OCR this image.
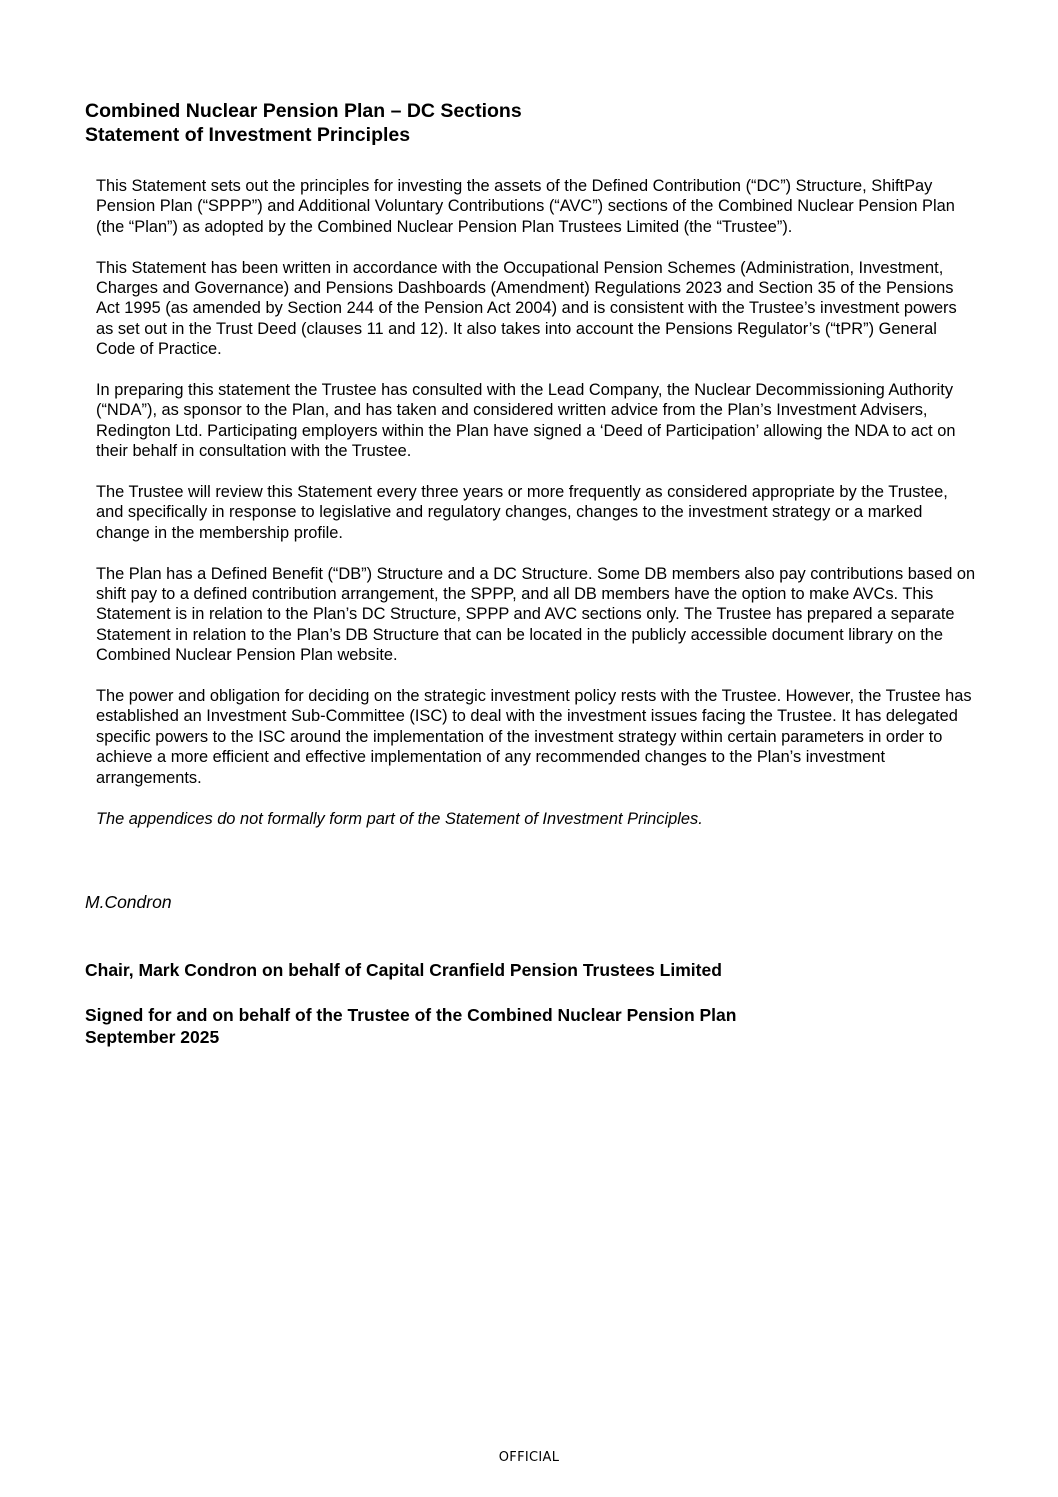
Combined Nuclear Pension Plan – DC Sections
Statement of Investment Principles

This Statement sets out the principles for investing the assets of the Defined Contribution (“DC”) Structure, ShiftPay Pension Plan (“SPPP”) and Additional Voluntary Contributions (“AVC”) sections of the Combined Nuclear Pension Plan (the “Plan”) as adopted by the Combined Nuclear Pension Plan Trustees Limited (the “Trustee”).

This Statement has been written in accordance with the Occupational Pension Schemes (Administration, Investment, Charges and Governance) and Pensions Dashboards (Amendment) Regulations 2023 and Section 35 of the Pensions Act 1995 (as amended by Section 244 of the Pension Act 2004) and is consistent with the Trustee’s investment powers as set out in the Trust Deed (clauses 11 and 12). It also takes into account the Pensions Regulator’s (“tPR”) General Code of Practice.

In preparing this statement the Trustee has consulted with the Lead Company, the Nuclear Decommissioning Authority (“NDA”), as sponsor to the Plan, and has taken and considered written advice from the Plan’s Investment Advisers, Redington Ltd. Participating employers within the Plan have signed a ‘Deed of Participation’ allowing the NDA to act on their behalf in consultation with the Trustee.

The Trustee will review this Statement every three years or more frequently as considered appropriate by the Trustee, and specifically in response to legislative and regulatory changes, changes to the investment strategy or a marked change in the membership profile.

The Plan has a Defined Benefit (“DB”) Structure and a DC Structure. Some DB members also pay contributions based on shift pay to a defined contribution arrangement, the SPPP, and all DB members have the option to make AVCs. This Statement is in relation to the Plan’s DC Structure, SPPP and AVC sections only. The Trustee has prepared a separate Statement in relation to the Plan’s DB Structure that can be located in the publicly accessible document library on the Combined Nuclear Pension Plan website.

The power and obligation for deciding on the strategic investment policy rests with the Trustee. However, the Trustee has established an Investment Sub-Committee (ISC) to deal with the investment issues facing the Trustee. It has delegated specific powers to the ISC around the implementation of the investment strategy within certain parameters in order to achieve a more efficient and effective implementation of any recommended changes to the Plan’s investment arrangements.

The appendices do not formally form part of the Statement of Investment Principles.

M.Condron
Chair, Mark Condron on behalf of Capital Cranfield Pension Trustees Limited
Signed for and on behalf of the Trustee of the Combined Nuclear Pension Plan
September 2025
OFFICIAL
